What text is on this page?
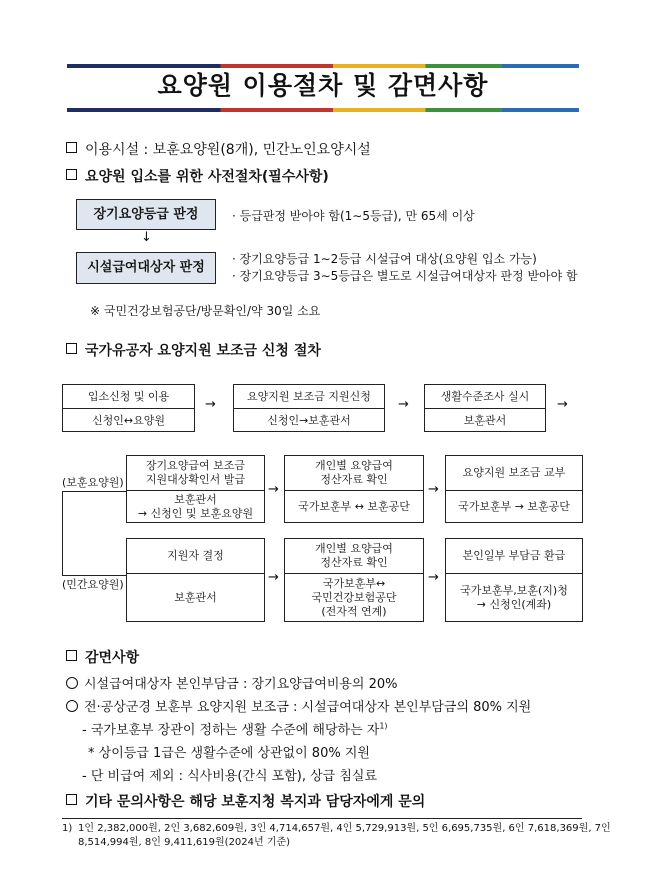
요양원 이용절차 및 감면사항
이용시설 : 보훈요양원(8개), 민간노인요양시설
요양원 입소를 위한 사전절차(필수사항)
장기요양등급 판정	· 등급판정 받아야 함(1∼5등급), 만 65세 이상
↓
시설급여대상자 판정
· 장기요양등급 1∼2등급 시설급여 대상(요양원 입소 가능)
· 장기요양등급 3∼5등급은 별도로 시설급여대상자 판정 받아야 함
※ 국민건강보험공단/방문확인/약 30일 소요
국가유공자 요양지원 보조금 신청 절차
입소신청 및 이용
신청인↔요양원
→
요양지원 보조금 지원신청
신청인→보훈관서
→
생활수준조사 실시
보훈관서
→
(보훈요양원)
(민간요양원)
장기요양급여 보조금
지원대상확인서 발급
보훈관서
→ 신청인 및 보훈요양원
→
개인별 요양급여
정산자료 확인
국가보훈부 ↔ 보훈공단
→
요양지원 보조금 교부
국가보훈부 → 보훈공단
지원자 결정
보훈관서
→
개인별 요양급여
정산자료 확인
국가보훈부↔
국민건강보험공단
(전자적 연계)
→
본인일부 부담금 환급
국가보훈부,보훈(지)청
→ 신청인(계좌)
감면사항
시설급여대상자 본인부담금 : 장기요양급여비용의 20%
전·공상군경 보훈부 요양지원 보조금 : 시설급여대상자 본인부담금의 80% 지원
- 국가보훈부 장관이 정하는 생활 수준에 해당하는 자$^{1)}$
* 상이등급 1급은 생활수준에 상관없이 80% 지원
- 단 비급여 제외 : 식사비용(간식 포함), 상급 침실료
기타 문의사항은 해당 보훈지청 복지과 담당자에게 문의
1) 1인 2,382,000원, 2인 3,682,609원, 3인 4,714,657원, 4인 5,729,913원, 5인 6,695,735원, 6인 7,618,369원, 7인
8,514,994원, 8인 9,411,619원(2024년 기준)
